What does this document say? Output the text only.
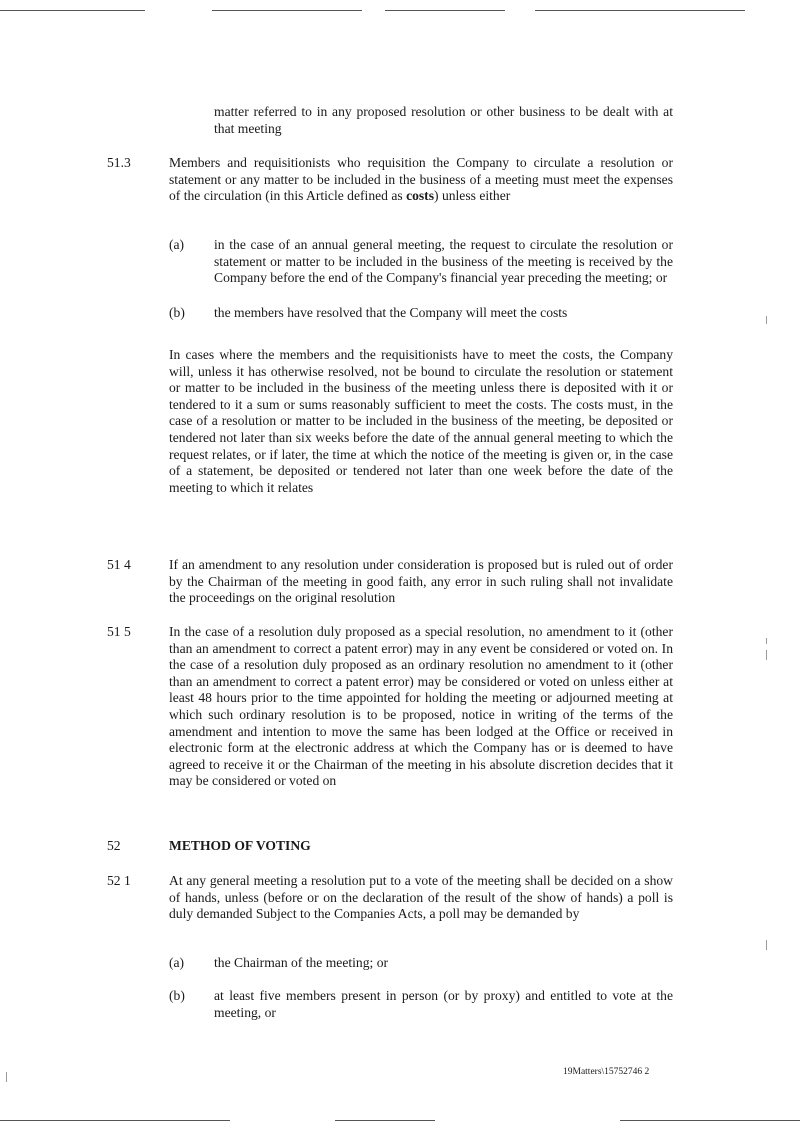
matter referred to in any proposed resolution or other business to be dealt with at that meeting
51.3	Members and requisitionists who requisition the Company to circulate a resolution or statement or any matter to be included in the business of a meeting must meet the expenses of the circulation (in this Article defined as costs) unless either
(a) in the case of an annual general meeting, the request to circulate the resolution or statement or matter to be included in the business of the meeting is received by the Company before the end of the Company's financial year preceding the meeting; or
(b) the members have resolved that the Company will meet the costs
In cases where the members and the requisitionists have to meet the costs, the Company will, unless it has otherwise resolved, not be bound to circulate the resolution or statement or matter to be included in the business of the meeting unless there is deposited with it or tendered to it a sum or sums reasonably sufficient to meet the costs. The costs must, in the case of a resolution or matter to be included in the business of the meeting, be deposited or tendered not later than six weeks before the date of the annual general meeting to which the request relates, or if later, the time at which the notice of the meeting is given or, in the case of a statement, be deposited or tendered not later than one week before the date of the meeting to which it relates
51 4	If an amendment to any resolution under consideration is proposed but is ruled out of order by the Chairman of the meeting in good faith, any error in such ruling shall not invalidate the proceedings on the original resolution
51 5	In the case of a resolution duly proposed as a special resolution, no amendment to it (other than an amendment to correct a patent error) may in any event be considered or voted on. In the case of a resolution duly proposed as an ordinary resolution no amendment to it (other than an amendment to correct a patent error) may be considered or voted on unless either at least 48 hours prior to the time appointed for holding the meeting or adjourned meeting at which such ordinary resolution is to be proposed, notice in writing of the terms of the amendment and intention to move the same has been lodged at the Office or received in electronic form at the electronic address at which the Company has or is deemed to have agreed to receive it or the Chairman of the meeting in his absolute discretion decides that it may be considered or voted on
52	METHOD OF VOTING
52 1	At any general meeting a resolution put to a vote of the meeting shall be decided on a show of hands, unless (before or on the declaration of the result of the show of hands) a poll is duly demanded Subject to the Companies Acts, a poll may be demanded by
(a) the Chairman of the meeting; or
(b) at least five members present in person (or by proxy) and entitled to vote at the meeting, or
19Matters\15752746 2
